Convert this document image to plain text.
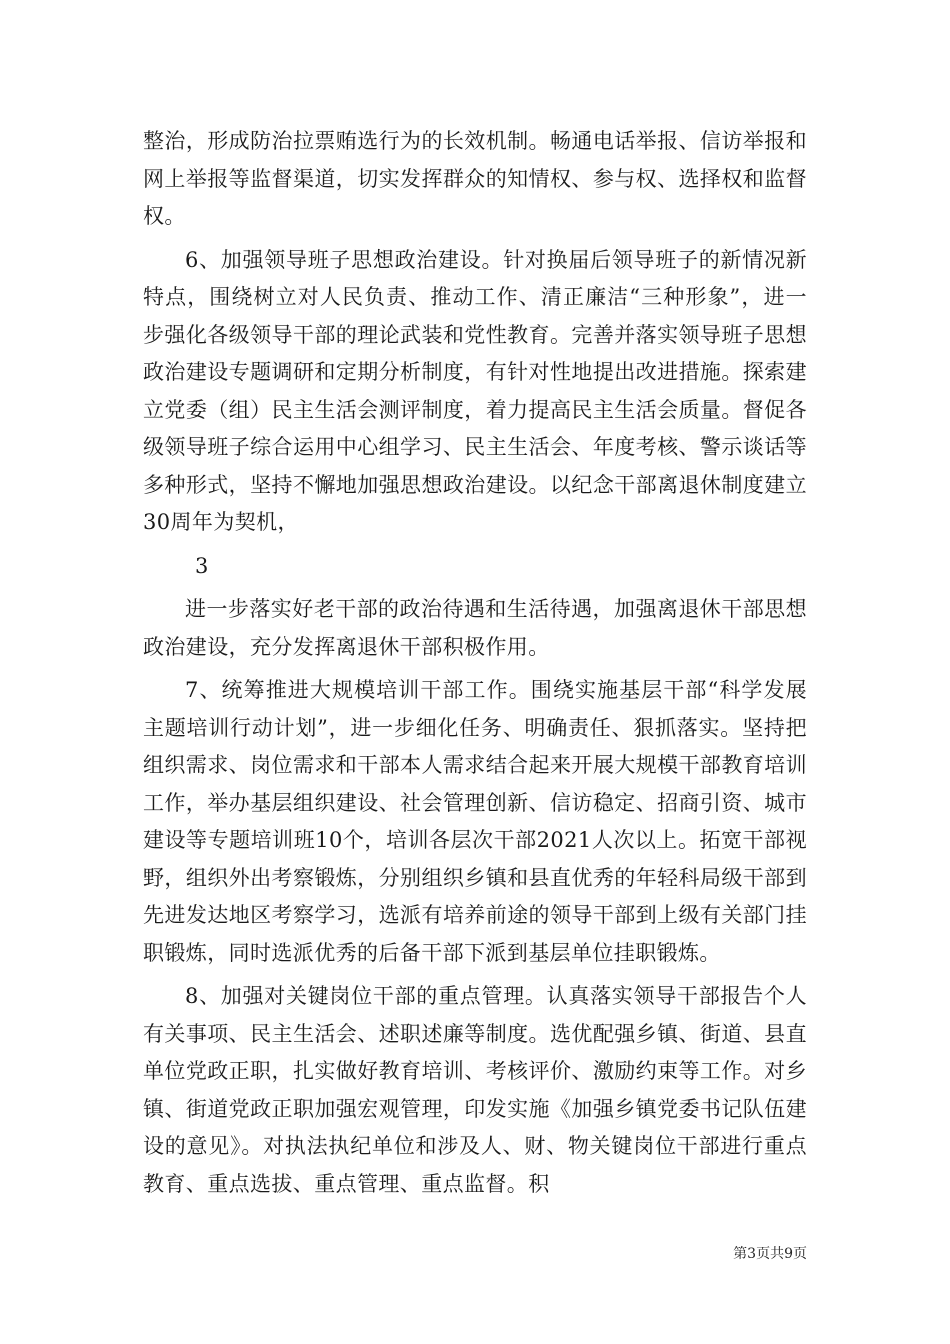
整治，形成防治拉票贿选行为的长效机制。畅通电话举报、信访举报和网上举报等监督渠道，切实发挥群众的知情权、参与权、选择权和监督权。

6、加强领导班子思想政治建设。针对换届后领导班子的新情况新特点，围绕树立对人民负责、推动工作、清正廉洁“三种形象”，进一步强化各级领导干部的理论武装和党性教育。完善并落实领导班子思想政治建设专题调研和定期分析制度，有针对性地提出改进措施。探索建立党委（组）民主生活会测评制度，着力提高民主生活会质量。督促各级领导班子综合运用中心组学习、民主生活会、年度考核、警示谈话等多种形式，坚持不懈地加强思想政治建设。以纪念干部离退休制度建立30周年为契机，

3

进一步落实好老干部的政治待遇和生活待遇，加强离退休干部思想政治建设，充分发挥离退休干部积极作用。

7、统筹推进大规模培训干部工作。围绕实施基层干部“科学发展主题培训行动计划”，进一步细化任务、明确责任、狠抓落实。坚持把组织需求、岗位需求和干部本人需求结合起来开展大规模干部教育培训工作，举办基层组织建设、社会管理创新、信访稳定、招商引资、城市建设等专题培训班10个，培训各层次干部2021人次以上。拓宽干部视野，组织外出考察锻炼，分别组织乡镇和县直优秀的年轻科局级干部到先进发达地区考察学习，选派有培养前途的领导干部到上级有关部门挂职锻炼，同时选派优秀的后备干部下派到基层单位挂职锻炼。

8、加强对关键岗位干部的重点管理。认真落实领导干部报告个人有关事项、民主生活会、述职述廉等制度。选优配强乡镇、街道、县直单位党政正职，扎实做好教育培训、考核评价、激励约束等工作。对乡镇、街道党政正职加强宏观管理，印发实施《加强乡镇党委书记队伍建设的意见》。对执法执纪单位和涉及人、财、物关键岗位干部进行重点教育、重点选拔、重点管理、重点监督。积

第3页共9页
